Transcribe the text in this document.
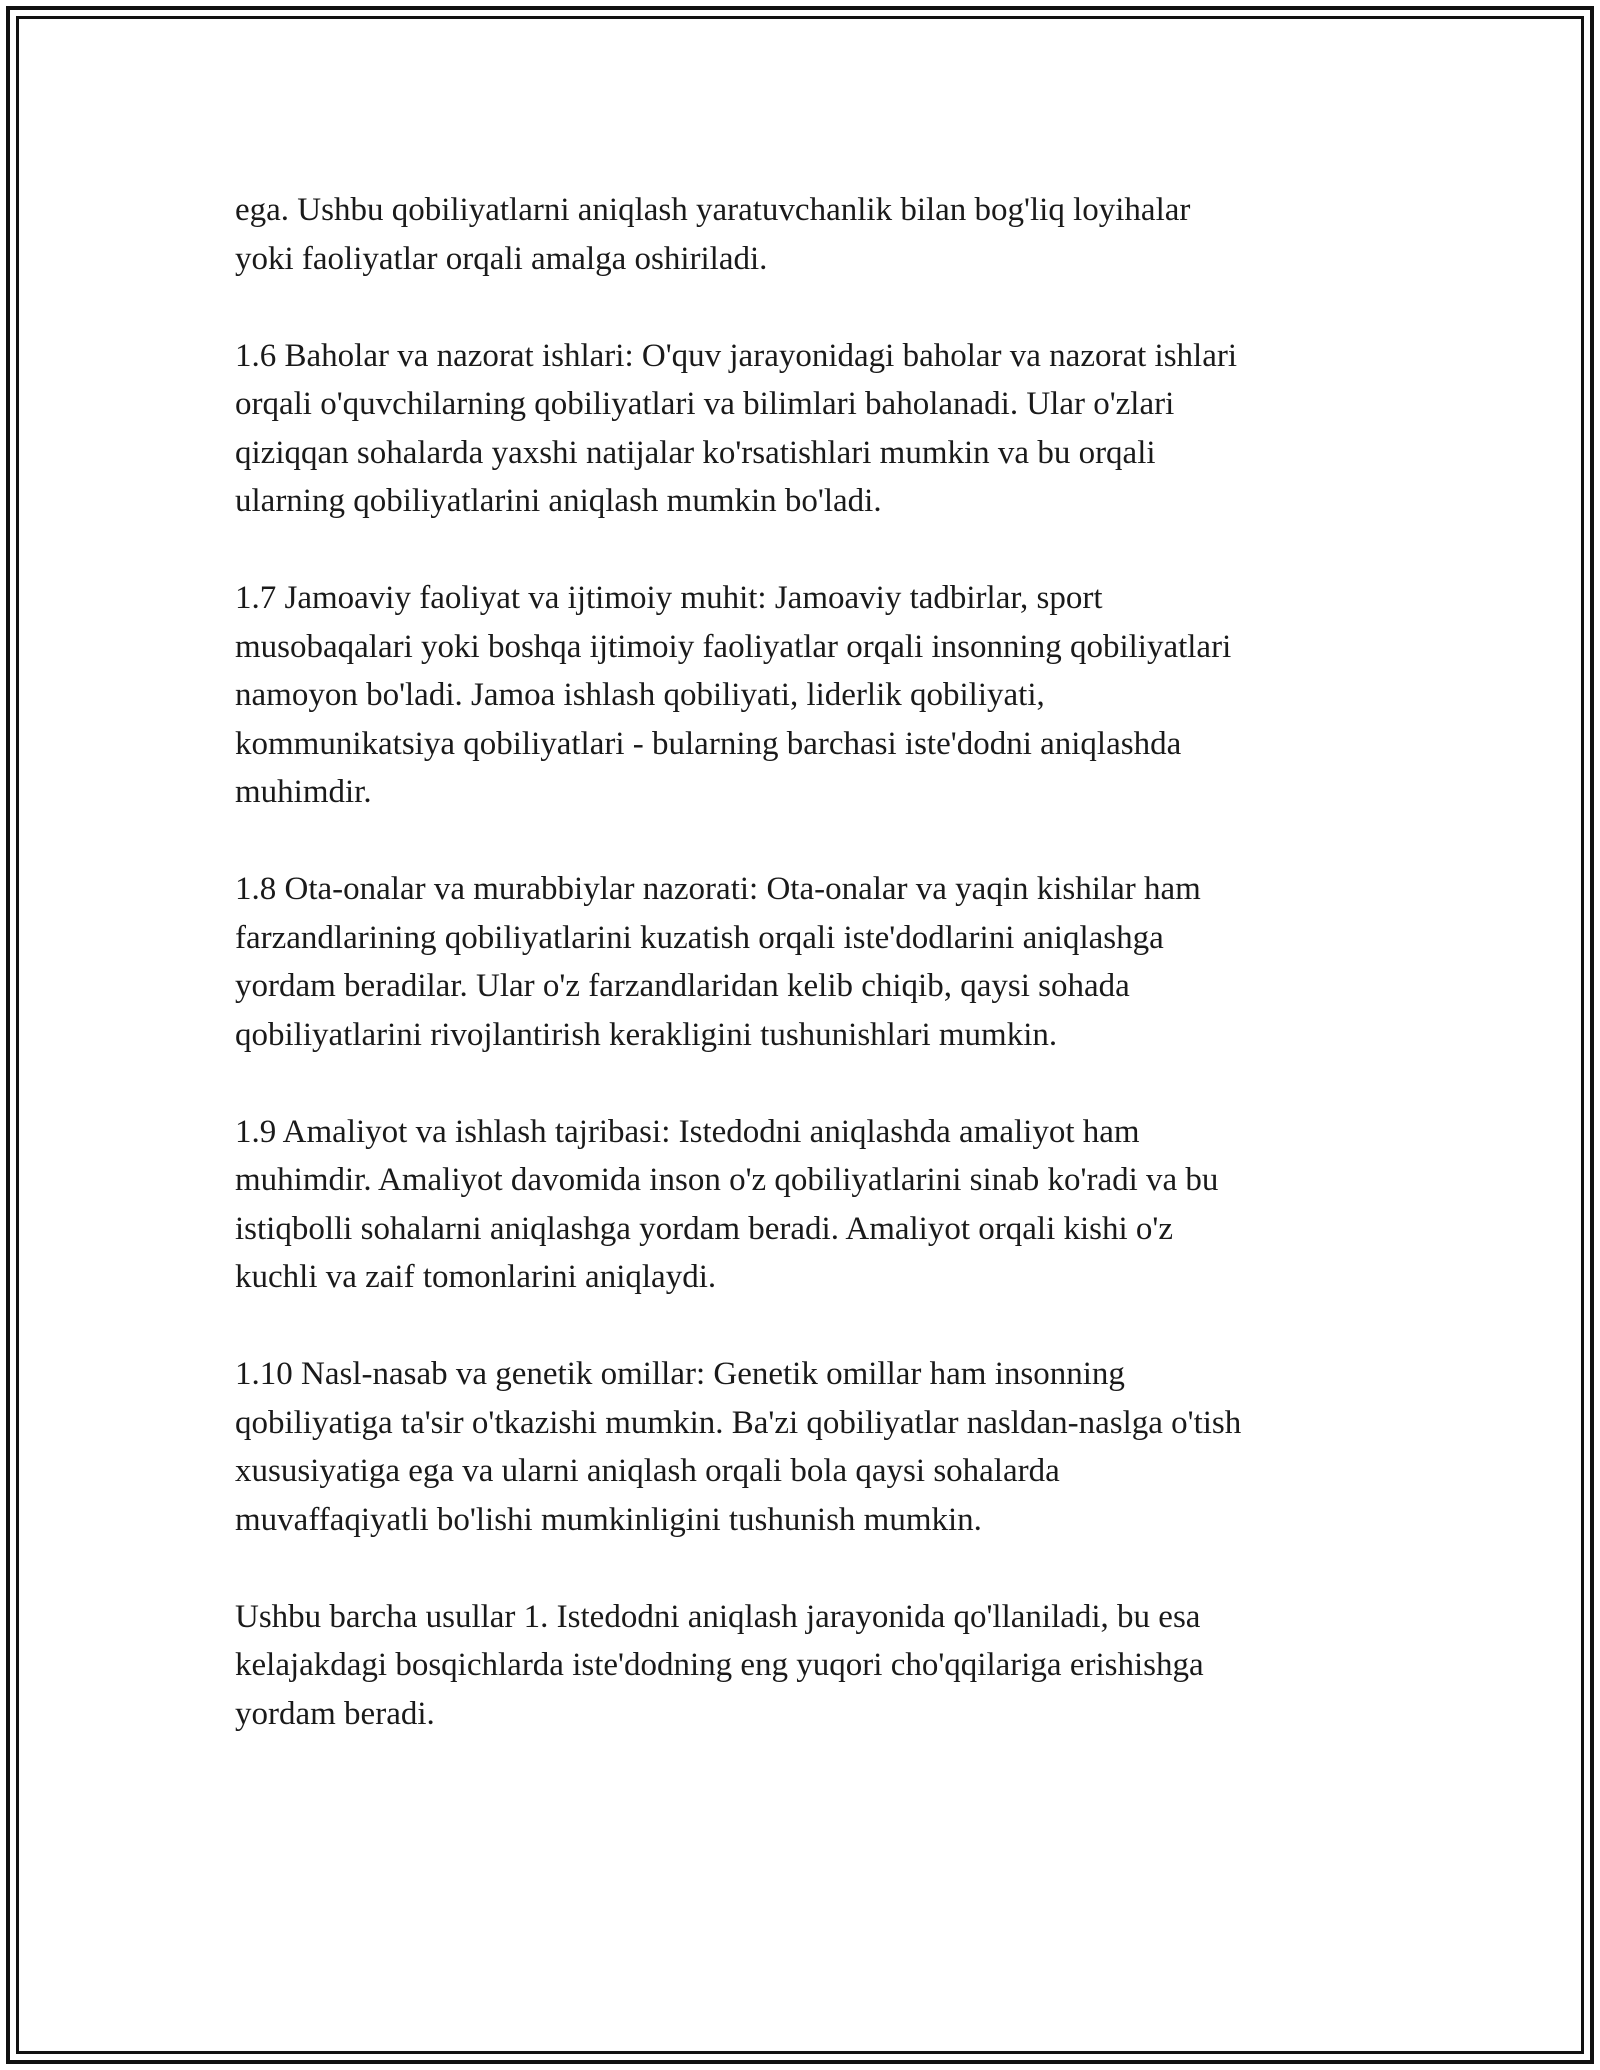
ega. Ushbu qobiliyatlarni aniqlash yaratuvchanlik bilan bog'liq loyihalar
yoki faoliyatlar orqali amalga oshiriladi.

1.6 Baholar va nazorat ishlari: O'quv jarayonidagi baholar va nazorat ishlari
orqali o'quvchilarning qobiliyatlari va bilimlari baholanadi. Ular o'zlari
qiziqqan sohalarda yaxshi natijalar ko'rsatishlari mumkin va bu orqali
ularning qobiliyatlarini aniqlash mumkin bo'ladi.

1.7 Jamoaviy faoliyat va ijtimoiy muhit: Jamoaviy tadbirlar, sport
musobaqalari yoki boshqa ijtimoiy faoliyatlar orqali insonning qobiliyatlari
namoyon bo'ladi. Jamoa ishlash qobiliyati, liderlik qobiliyati,
kommunikatsiya qobiliyatlari - bularning barchasi iste'dodni aniqlashda
muhimdir.

1.8 Ota-onalar va murabbiylar nazorati: Ota-onalar va yaqin kishilar ham
farzandlarining qobiliyatlarini kuzatish orqali iste'dodlarini aniqlashga
yordam beradilar. Ular o'z farzandlaridan kelib chiqib, qaysi sohada
qobiliyatlarini rivojlantirish kerakligini tushunishlari mumkin.

1.9 Amaliyot va ishlash tajribasi: Istedodni aniqlashda amaliyot ham
muhimdir. Amaliyot davomida inson o'z qobiliyatlarini sinab ko'radi va bu
istiqbolli sohalarni aniqlashga yordam beradi. Amaliyot orqali kishi o'z
kuchli va zaif tomonlarini aniqlaydi.

1.10 Nasl-nasab va genetik omillar: Genetik omillar ham insonning
qobiliyatiga ta'sir o'tkazishi mumkin. Ba'zi qobiliyatlar nasldan-naslga o'tish
xususiyatiga ega va ularni aniqlash orqali bola qaysi sohalarda
muvaffaqiyatli bo'lishi mumkinligini tushunish mumkin.

Ushbu barcha usullar 1. Istedodni aniqlash jarayonida qo'llaniladi, bu esa
kelajakdagi bosqichlarda iste'dodning eng yuqori cho'qqilariga erishishga
yordam beradi.
